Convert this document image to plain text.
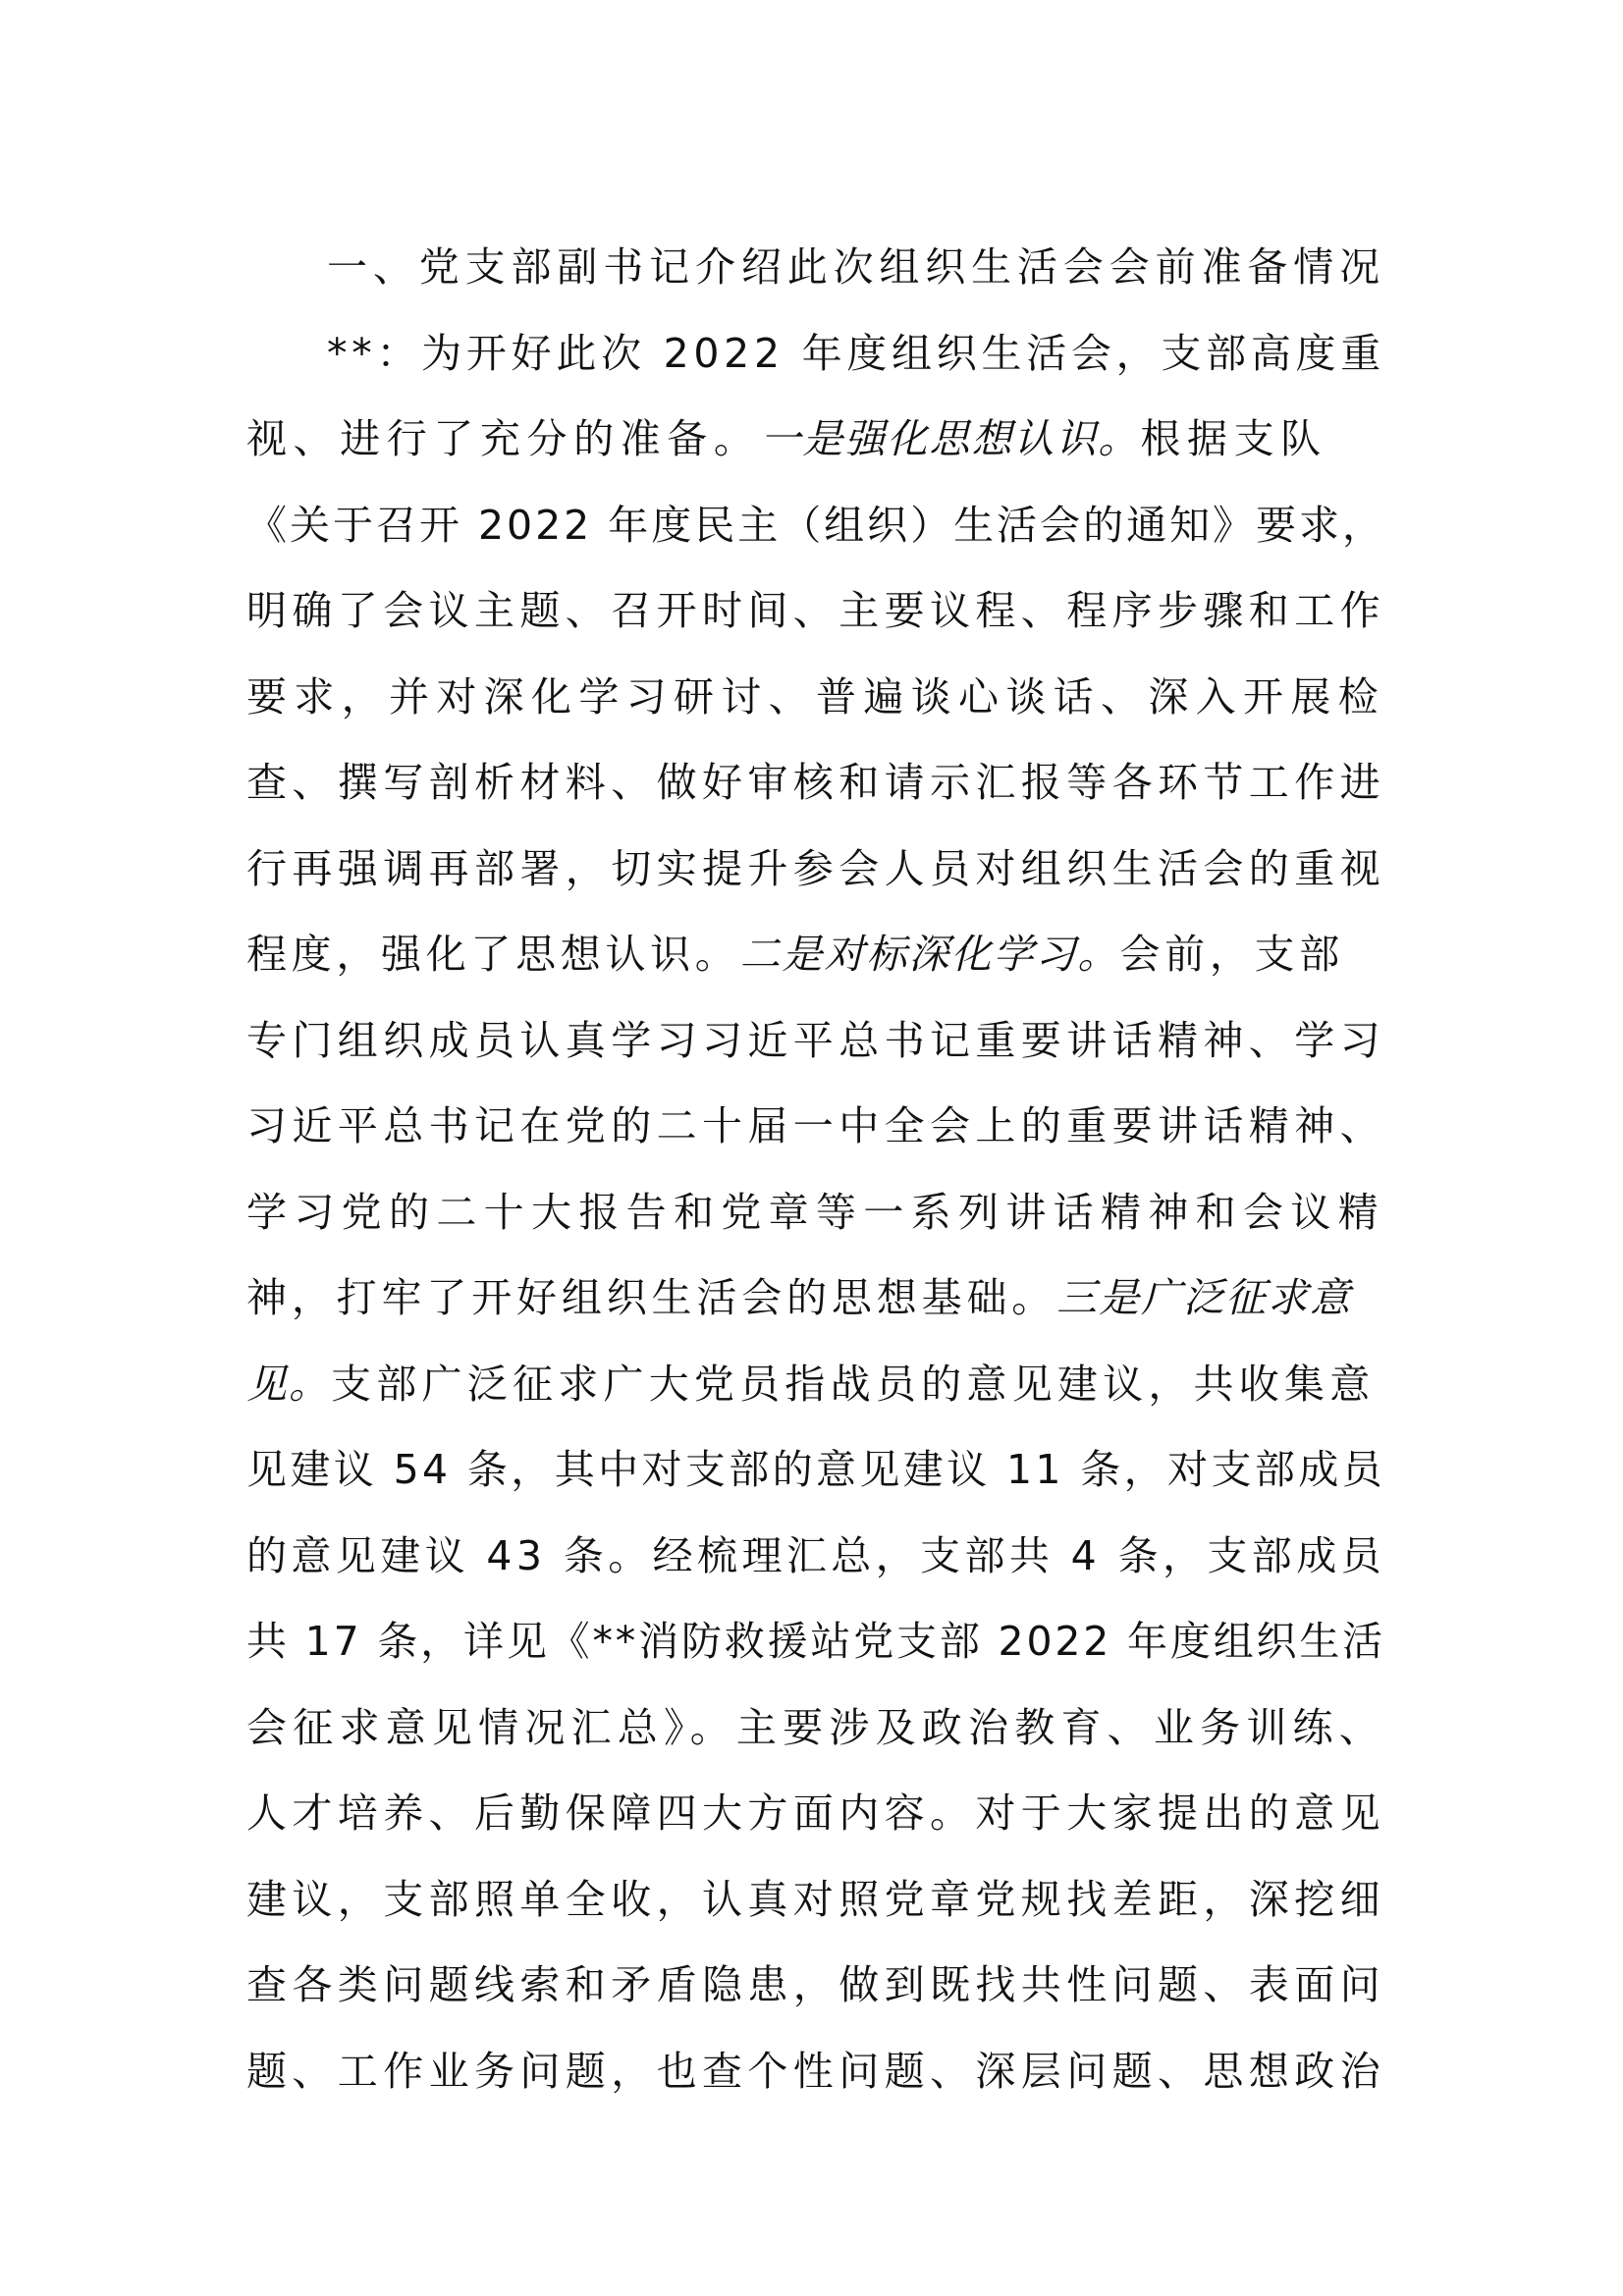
一、党支部副书记介绍此次组织生活会会前准备情况
**：为开好此次 2022 年度组织生活会，支部高度重
视、进行了充分的准备。一是强化思想认识。根据支队
《关于召开 2022 年度民主（组织）生活会的通知》要求，
明确了会议主题、召开时间、主要议程、程序步骤和工作
要求，并对深化学习研讨、普遍谈心谈话、深入开展检
查、撰写剖析材料、做好审核和请示汇报等各环节工作进
行再强调再部署，切实提升参会人员对组织生活会的重视
程度，强化了思想认识。二是对标深化学习。会前，支部
专门组织成员认真学习习近平总书记重要讲话精神、学习
习近平总书记在党的二十届一中全会上的重要讲话精神、
学习党的二十大报告和党章等一系列讲话精神和会议精
神，打牢了开好组织生活会的思想基础。三是广泛征求意
见。支部广泛征求广大党员指战员的意见建议，共收集意
见建议 54 条，其中对支部的意见建议 11 条，对支部成员
的意见建议 43 条。经梳理汇总，支部共 4 条，支部成员
共 17 条，详见《**消防救援站党支部 2022 年度组织生活
会征求意见情况汇总》。主要涉及政治教育、业务训练、
人才培养、后勤保障四大方面内容。对于大家提出的意见
建议，支部照单全收，认真对照党章党规找差距，深挖细
查各类问题线索和矛盾隐患，做到既找共性问题、表面问
题、工作业务问题，也查个性问题、深层问题、思想政治
